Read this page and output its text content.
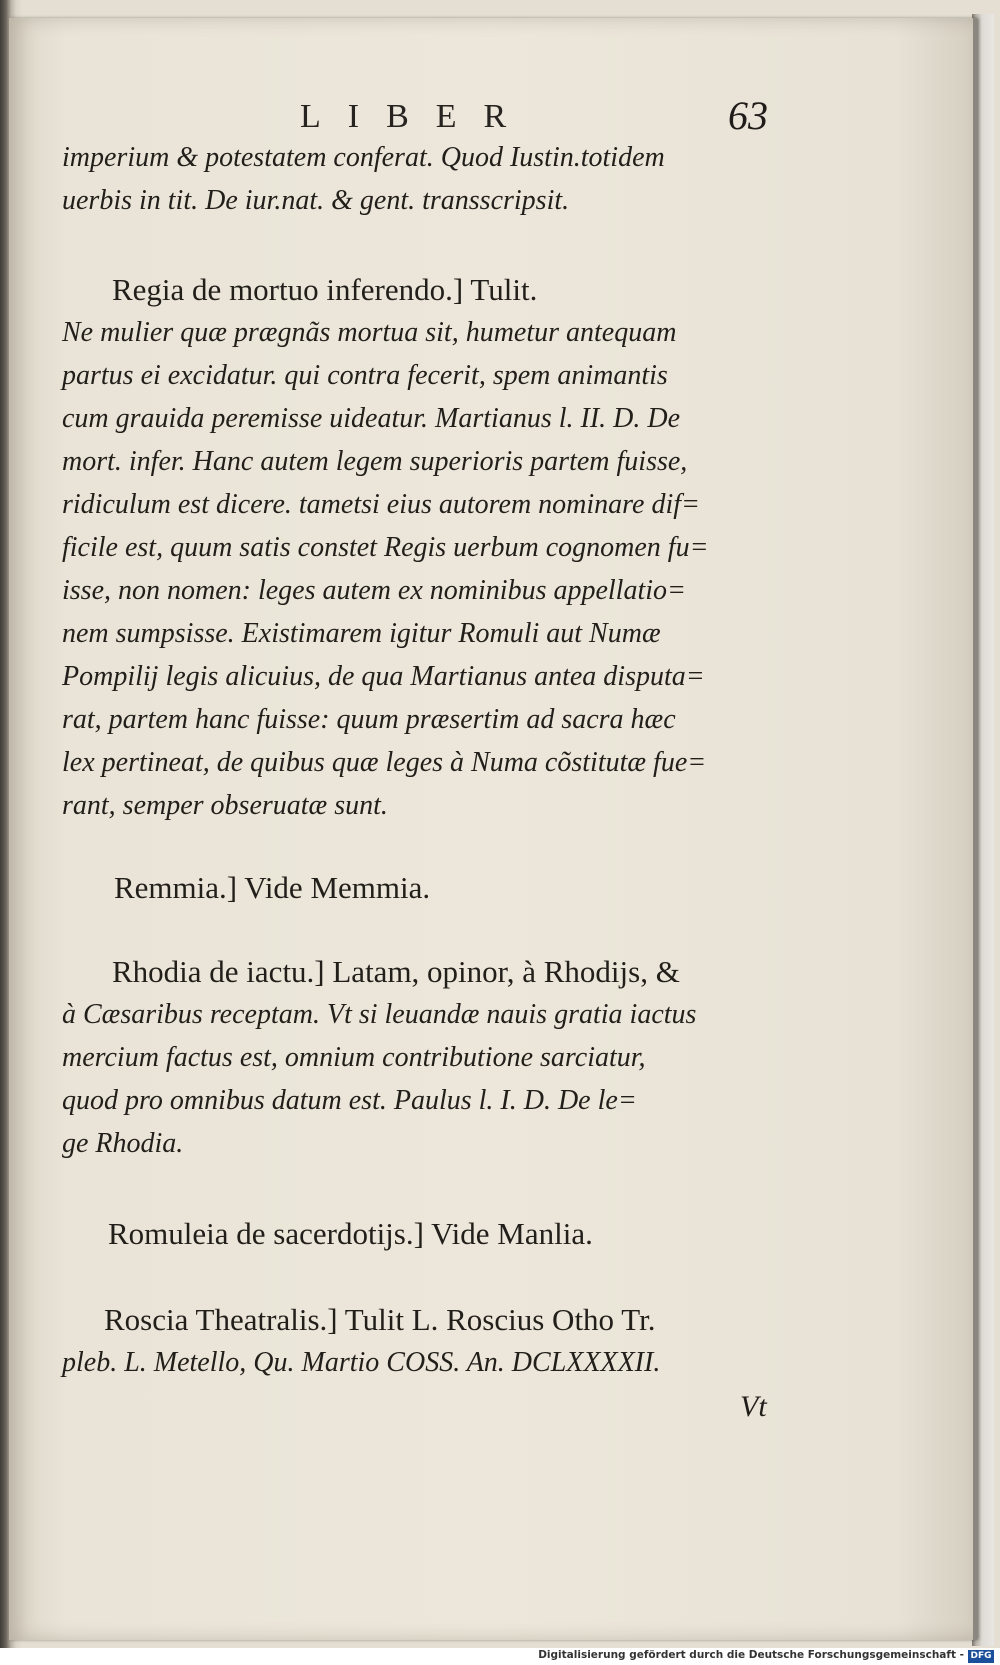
LIBER	63
imperium & potestatem conferat. Quod Iustin.totidem
uerbis in tit. De iur.nat. & gent. transscripsit.
Regia de mortuo inferendo.] Tulit.
Ne mulier quæ prægnãs mortua sit, humetur antequam
partus ei excidatur. qui contra fecerit, spem animantis
cum grauida peremisse uideatur. Martianus l. II. D. De
mort. infer. Hanc autem legem superioris partem fuisse,
ridiculum est dicere. tametsi eius autorem nominare dif=
ficile est, quum satis constet Regis uerbum cognomen fu=
isse, non nomen: leges autem ex nominibus appellatio=
nem sumpsisse. Existimarem igitur Romuli aut Numæ
Pompilij legis alicuius, de qua Martianus antea disputa=
rat, partem hanc fuisse: quum præsertim ad sacra hæc
lex pertineat, de quibus quæ leges à Numa cõstitutæ fue=
rant, semper obseruatæ sunt.
Remmia.] Vide Memmia.
Rhodia de iactu.] Latam, opinor, à Rhodijs, &
à Cæsaribus receptam. Vt si leuandæ nauis gratia iactus
mercium factus est, omnium contributione sarciatur,
quod pro omnibus datum est. Paulus l. I. D. De le=
ge Rhodia.
Romuleia de sacerdotijs.] Vide Manlia.
Roscia Theatralis.] Tulit L. Roscius Otho Tr.
pleb. L. Metello, Qu. Martio COSS. An. DCLXXXXII.
Vt
Digitalisierung gefördert durch die Deutsche Forschungsgemeinschaft - DFG
